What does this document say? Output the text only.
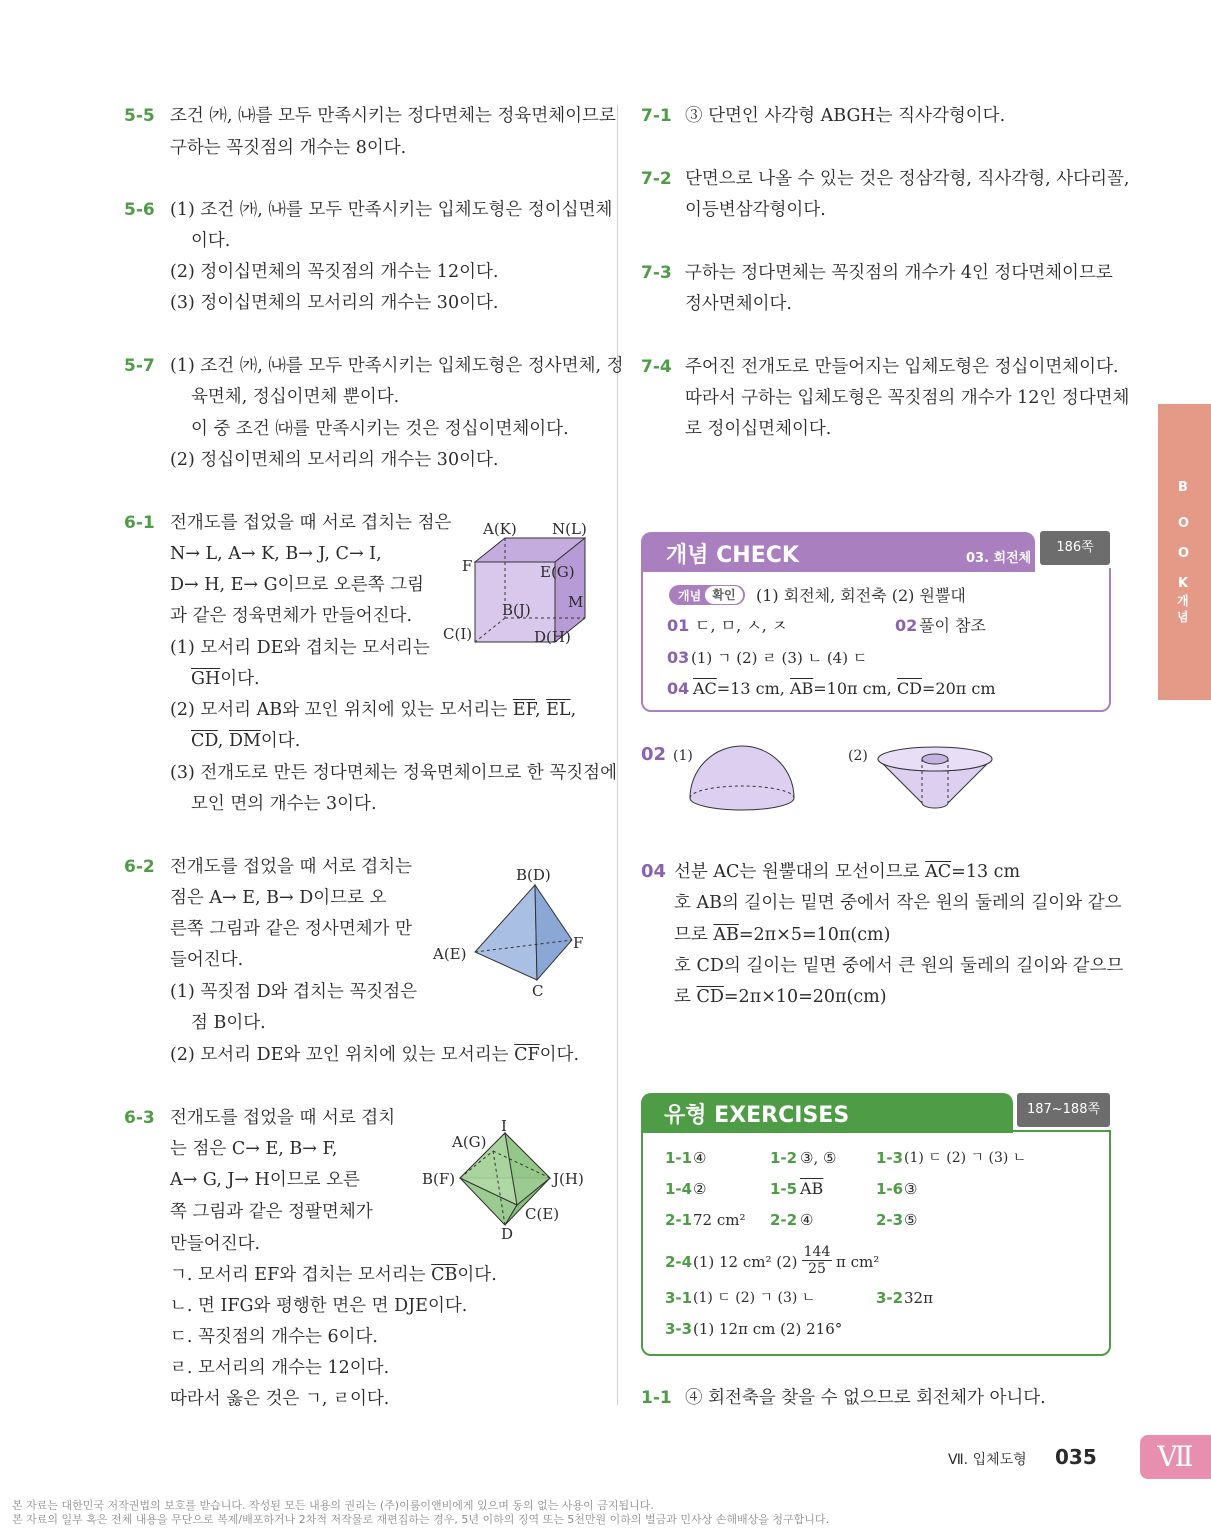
5-5 조건 ㈎, ㈏를 모두 만족시키는 정다면체는 정육면체이므로
구하는 꼭짓점의 개수는 8이다.
5-6 (1) 조건 ㈎, ㈏를 모두 만족시키는 입체도형은 정이십면체
이다.
(2) 정이십면체의 꼭짓점의 개수는 12이다.
(3) 정이십면체의 모서리의 개수는 30이다.
5-7 (1) 조건 ㈎, ㈏를 모두 만족시키는 입체도형은 정사면체, 정
육면체, 정십이면체 뿐이다.
이 중 조건 ㈐를 만족시키는 것은 정십이면체이다.
(2) 정십이면체의 모서리의 개수는 30이다.
6-1 전개도를 접었을 때 서로 겹치는 점은
N→ L, A→ K, B→ J, C→ I,
D→ H, E→ G이므로 오른쪽 그림
과 같은 정육면체가 만들어진다.
(1) 모서리 DE와 겹치는 모서리는
$\overline{GH}$이다.
(2) 모서리 AB와 꼬인 위치에 있는 모서리는 $\overline{EF}$, $\overline{EL}$,
$\overline{CD}$, $\overline{DM}$이다.
(3) 전개도로 만든 정다면체는 정육면체이므로 한 꼭짓점에
모인 면의 개수는 3이다.
A(K) N(L)
F	E(G)
B(J) M
C(I)	D(H)
6-2 전개도를 접었을 때 서로 겹치는
점은 A→ E, B→ D이므로 오
른쪽 그림과 같은 정사면체가 만
들어진다.
(1) 꼭짓점 D와 겹치는 꼭짓점은
점 B이다.
(2) 모서리 DE와 꼬인 위치에 있는 모서리는 $\overline{CF}$이다.
B(D)
A(E)
F
C
6-3 전개도를 접었을 때 서로 겹치
는 점은 C→ E, B→ F,
A→ G, J→ H이므로 오른
쪽 그림과 같은 정팔면체가
만들어진다.
ㄱ. 모서리 EF와 겹치는 모서리는 $\overline{CB}$이다.
ㄴ. 면 IFG와 평행한 면은 면 DJE이다.
ㄷ. 꼭짓점의 개수는 6이다.
ㄹ. 모서리의 개수는 12이다.
따라서 옳은 것은 ㄱ, ㄹ이다.
I
A(G)
B(F)	J(H)
C(E)
D
7-1 ③ 단면인 사각형 ABGH는 직사각형이다.
7-2 단면으로 나올 수 있는 것은 정삼각형, 직사각형, 사다리꼴,
이등변삼각형이다.
7-3 구하는 정다면체는 꼭짓점의 개수가 4인 정다면체이므로
정사면체이다.
7-4 주어진 전개도로 만들어지는 입체도형은 정십이면체이다.
따라서 구하는 입체도형은 꼭짓점의 개수가 12인 정다면체
로 정이십면체이다.
개념 CHECK	03. 회전체
186쪽
개념 확인	(1) 회전체, 회전축 (2) 원뿔대
01 ㄷ, ㅁ, ㅅ, ㅈ	02 풀이 참조
03 (1) ㄱ (2) ㄹ (3) ㄴ (4) ㄷ
04 $\overline{AC}=13$ cm, $\overline{AB}=10\pi$ cm, $\overline{CD}=20\pi$ cm
02 (1)	(2)
04 선분 AC는 원뿔대의 모선이므로 $\overline{AC}=13$ cm
호 AB의 길이는 밑면 중에서 작은 원의 둘레의 길이와 같으
므로 $\overline{AB}=2\pi\times 5=10\pi(cm)$
호 CD의 길이는 밑면 중에서 큰 원의 둘레의 길이와 같으므
로 $\overline{CD}=2\pi\times 10=20\pi(cm)$
유형 EXERCISES	187~188쪽
1-1 ④	1-2 ③, ⑤	1-3 (1) ㄷ (2) ㄱ (3) ㄴ
1-4 ②	1-5 $\overline{AB}$	1-6 ③
2-1 72 cm² 2-2 ④	2-3 ⑤
2-4 (1) 12 cm² $(2) \frac{144}{25}$ π cm²
3-1 (1) ㄷ (2) ㄱ (3) ㄴ	3-2 32π
3-3 (1) 12π cm (2) 216°
1-1 ④ 회전축을 찾을 수 없으므로 회전체가 아니다.
B
O
O
K
개
념
Ⅶ. 입체도형 035	Ⅶ
본 자료는 대한민국 저작권법의 보호를 받습니다. 작성된 모든 내용의 권리는 (주)이룸이앤비에게 있으며 동의 없는 사용이 금지됩니다.
본 자료의 일부 혹은 전체 내용을 무단으로 복제/배포하거나 2차적 저작물로 재편집하는 경우, 5년 이하의 징역 또는 5천만원 이하의 벌금과 민사상 손해배상을 청구합니다.
